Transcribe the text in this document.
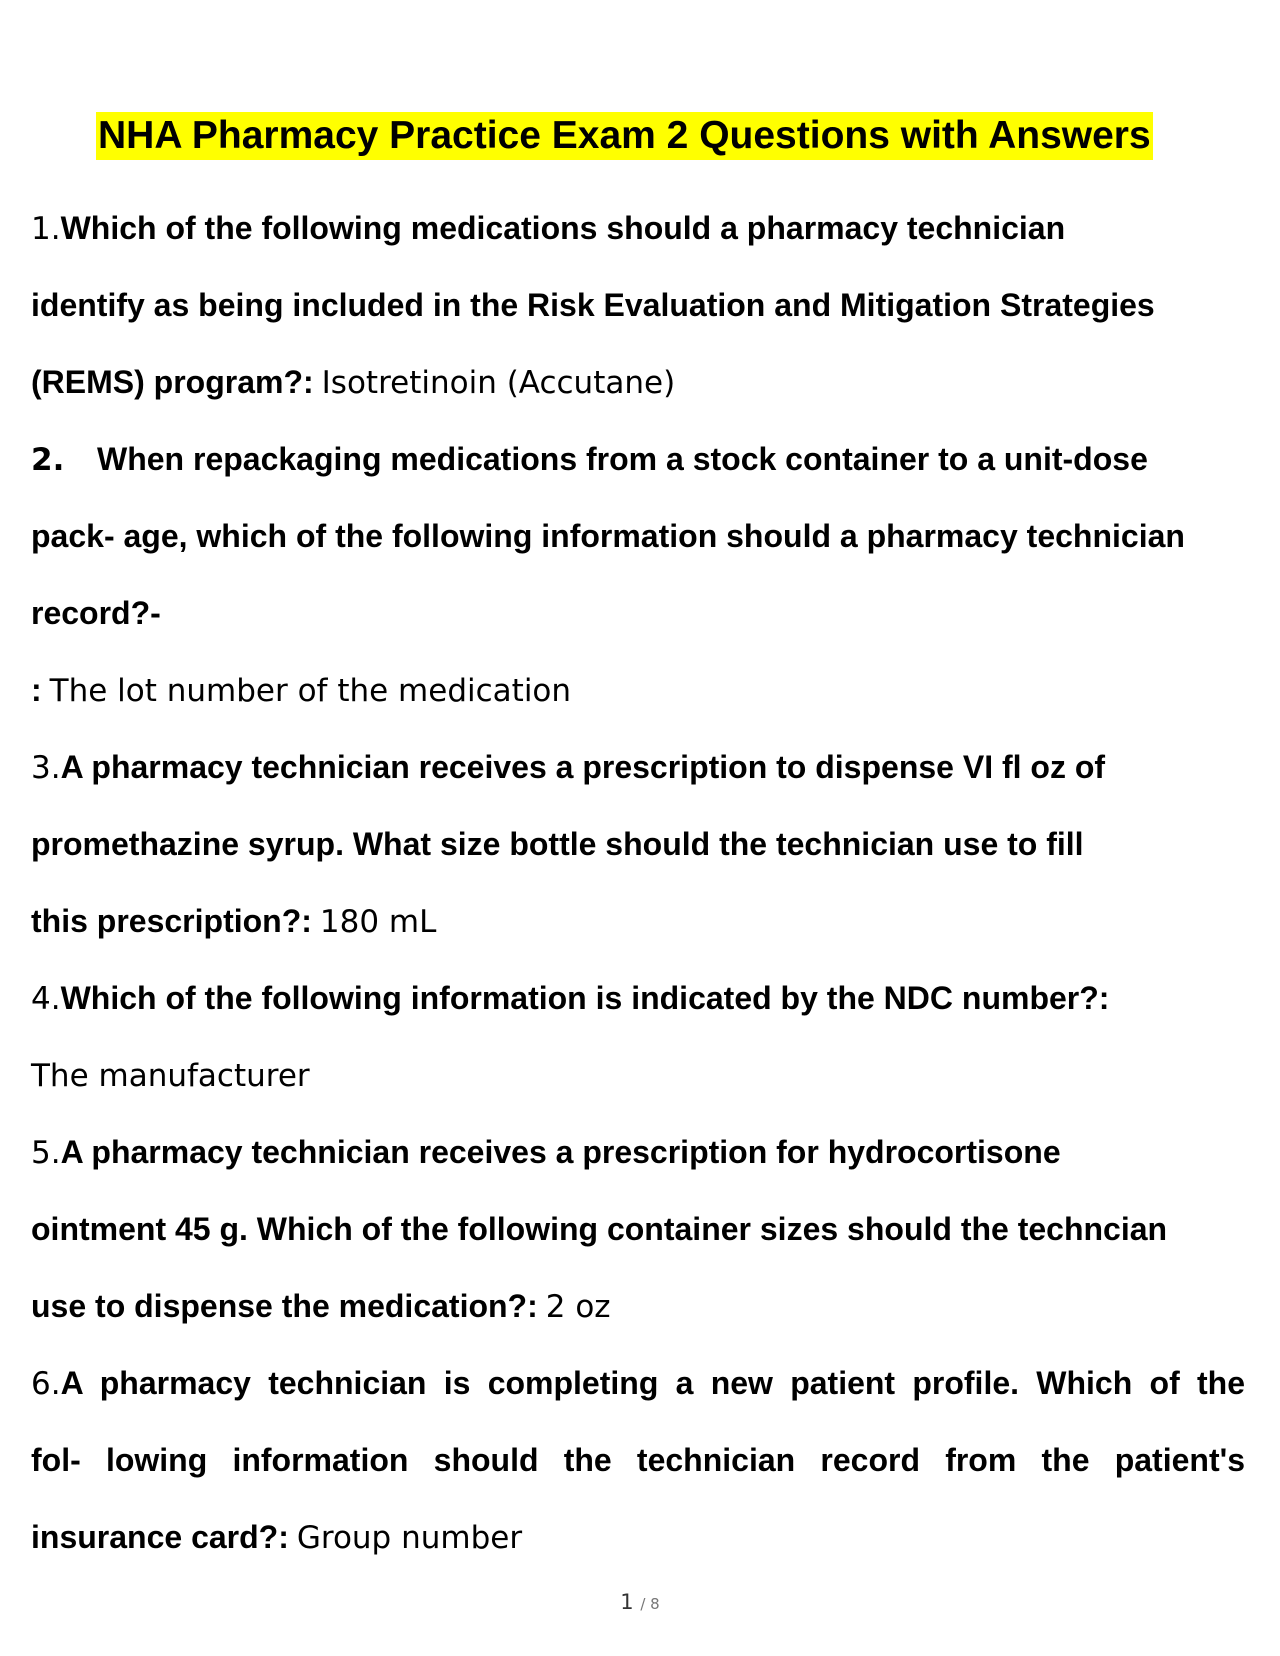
NHA Pharmacy Practice Exam 2 Questions with Answers
1.Which of the following medications should a pharmacy technician
identify as being included in the Risk Evaluation and Mitigation Strategies
(REMS) program?: Isotretinoin (Accutane)
2. When repackaging medications from a stock container to a unit-dose
pack- age, which of the following information should a pharmacy technician
record?-
: The lot number of the medication
3.A pharmacy technician receives a prescription to dispense VI fl oz of
promethazine syrup. What size bottle should the technician use to fill
this prescription?: 180 mL
4.Which of the following information is indicated by the NDC number?:
The manufacturer
5.A pharmacy technician receives a prescription for hydrocortisone
ointment 45 g. Which of the following container sizes should the techncian
use to dispense the medication?: 2 oz
6.A pharmacy technician is completing a new patient profile. Which of the
fol- lowing information should the technician record from the patient's
insurance card?: Group number
1 / 8
